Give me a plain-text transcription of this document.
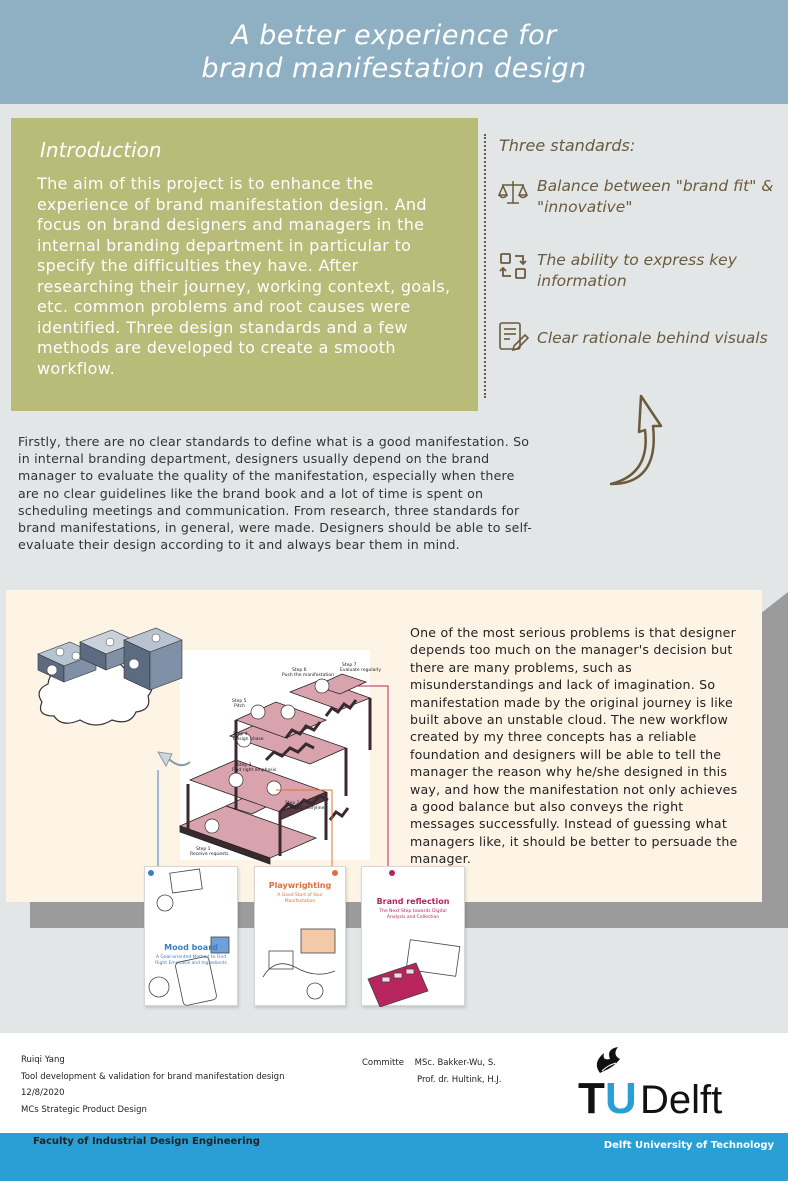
A better experience for
brand manifestation design
Introduction
The aim of this project is to enhance the experience of brand manifestation design. And focus on brand designers and managers in the internal branding department in particular to specify the difficulties they have. After researching their journey, working context, goals, etc. common problems and root causes were identified. Three design standards and a few methods are developed to create a smooth workflow.
Three standards:
Balance between "brand fit" & "innovative"
The ability to express key information
Clear rationale behind visuals
Firstly, there are no clear standards to define what is a good manifestation. So in internal branding department, designers usually depend on the brand manager to evaluate the quality of the manifestation, especially when there are no clear guidelines like the brand book and a lot of time is spent on scheduling meetings and communication. From research, three standards for brand manifestations, in general, were made. Designers should be able to self-evaluate their design according to it and always bear them in mind.
Step 1
Receive requests
Step 2
Build up storyline
Step 3
Find right emphasis
Step 4
Design phase
Step 5
Pitch
Step 6
Push the manifestation
Step 7
Evaluate regularly
Mood board
A Goal-oriented Method to Find Right Emphasis and Ingredients
Playwrighting
A Good Start of Your Manifestation	Brand reflection
The Next Step towards Digital Analysis and Collection
One of the most serious problems is that designer depends too much on the manager's decision but there are many problems, such as misunderstandings and lack of imagination. So manifestation made by the original journey is like built above an unstable cloud. The new workflow created by my three concepts has a reliable foundation and designers will be able to tell the manager the reason why he/she designed in this way, and how the manifestation not only achieves a good balance but also conveys the right messages successfully. Instead of guessing what managers like, it should be better to persuade the manager.
Ruiqi Yang
Tool development & validation for brand manifestation design
12/8/2020
MCs Strategic Product Design
Committe MSc. Bakker-Wu, S.
Prof. dr. Hultink, H.J. T U Delft
Faculty of Industrial Design Engineering	Delft University of Technology
